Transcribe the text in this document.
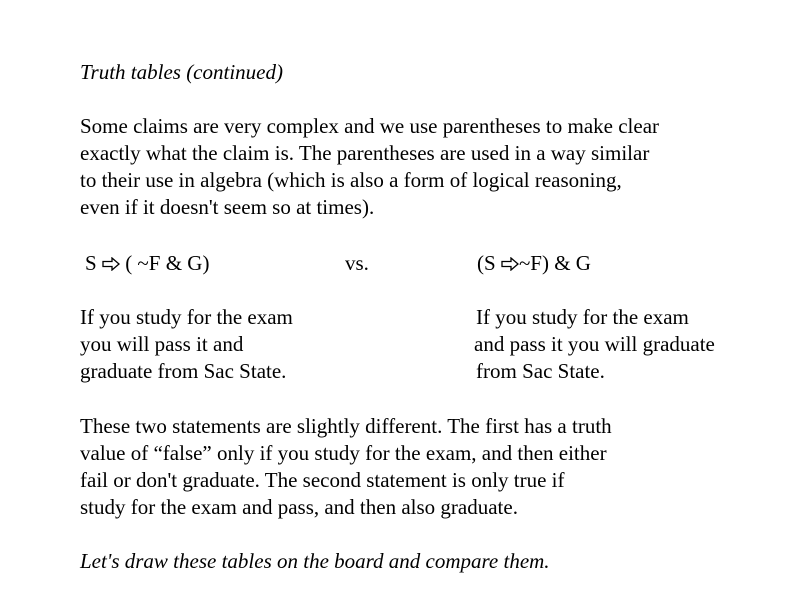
Truth tables (continued)

Some claims are very complex and we use parentheses to make clear

exactly what the claim is. The parentheses are used in a way similar

to their use in algebra (which is also a form of logical reasoning,

even if it doesn't seem so at times).

S  ( ~F & G)	vs.	(S ~F) & G

If you study for the exam

you will pass it and

graduate from Sac State.

If you study for the exam

and pass it you will graduate

from Sac State.

These two statements are slightly different. The first has a truth

value of “false” only if you study for the exam, and then either

fail or don't graduate. The second statement is only true if

study for the exam and pass, and then also graduate.

Let's draw these tables on the board and compare them.
